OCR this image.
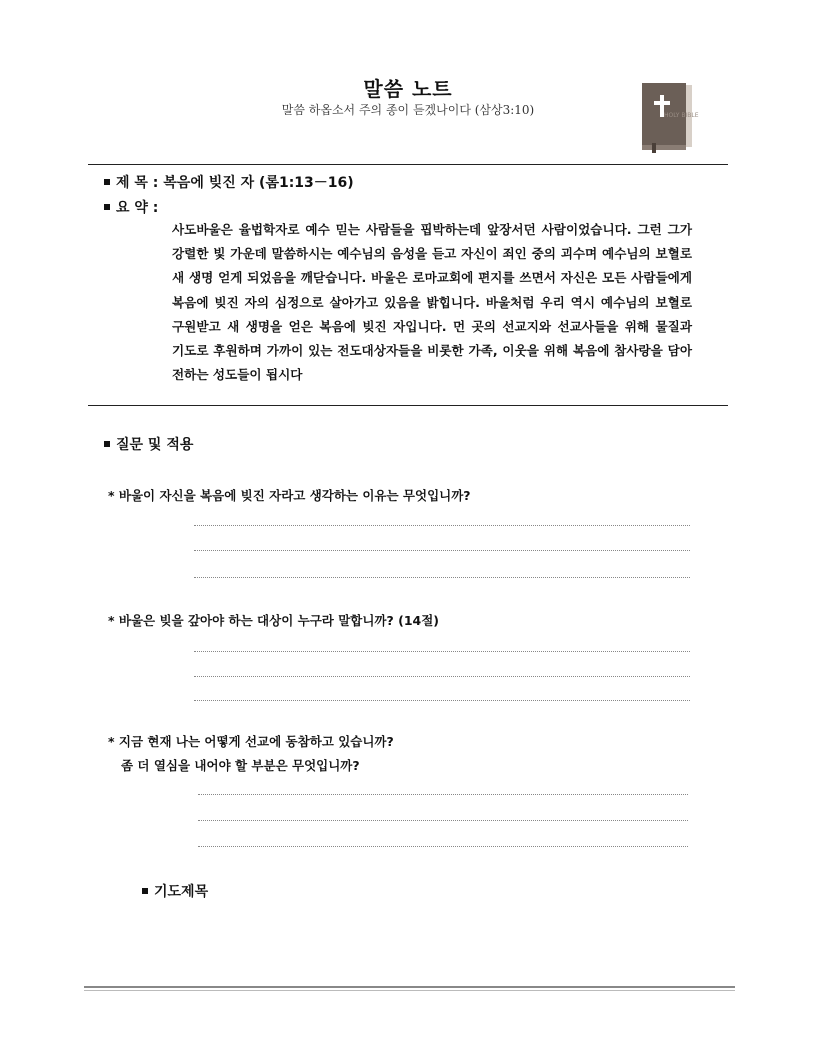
말씀 노트
말씀 하옵소서 주의 종이 듣겠나이다 (삼상3:10)	HOLY BIBLE
제 목 : 복음에 빚진 자 (롬1:13－16)
요 약 :
사도바울은 율법학자로 예수 믿는 사람들을 핍박하는데 앞장서던 사람이었습니다. 그런 그가 강렬한 빛 가운데 말씀하시는 예수님의 음성을 듣고 자신이 죄인 중의 괴수며 예수님의 보혈로 새 생명 얻게 되었음을 깨닫습니다. 바울은 로마교회에 편지를 쓰면서 자신은 모든 사람들에게 복음에 빚진 자의 심정으로 살아가고 있음을 밝힙니다. 바울처럼 우리 역시 예수님의 보혈로 구원받고 새 생명을 얻은 복음에 빚진 자입니다. 먼 곳의 선교지와 선교사들을 위해 물질과 기도로 후원하며 가까이 있는 전도대상자들을 비롯한 가족, 이웃을 위해 복음에 참사랑을 담아 전하는 성도들이 됩시다
질문 및 적용
* 바울이 자신을 복음에 빚진 자라고 생각하는 이유는 무엇입니까?
* 바울은 빚을 갚아야 하는 대상이 누구라 말합니까? (14절)
* 지금 현재 나는 어떻게 선교에 동참하고 있습니까?
좀 더 열심을 내어야 할 부분은 무엇입니까?
기도제목
